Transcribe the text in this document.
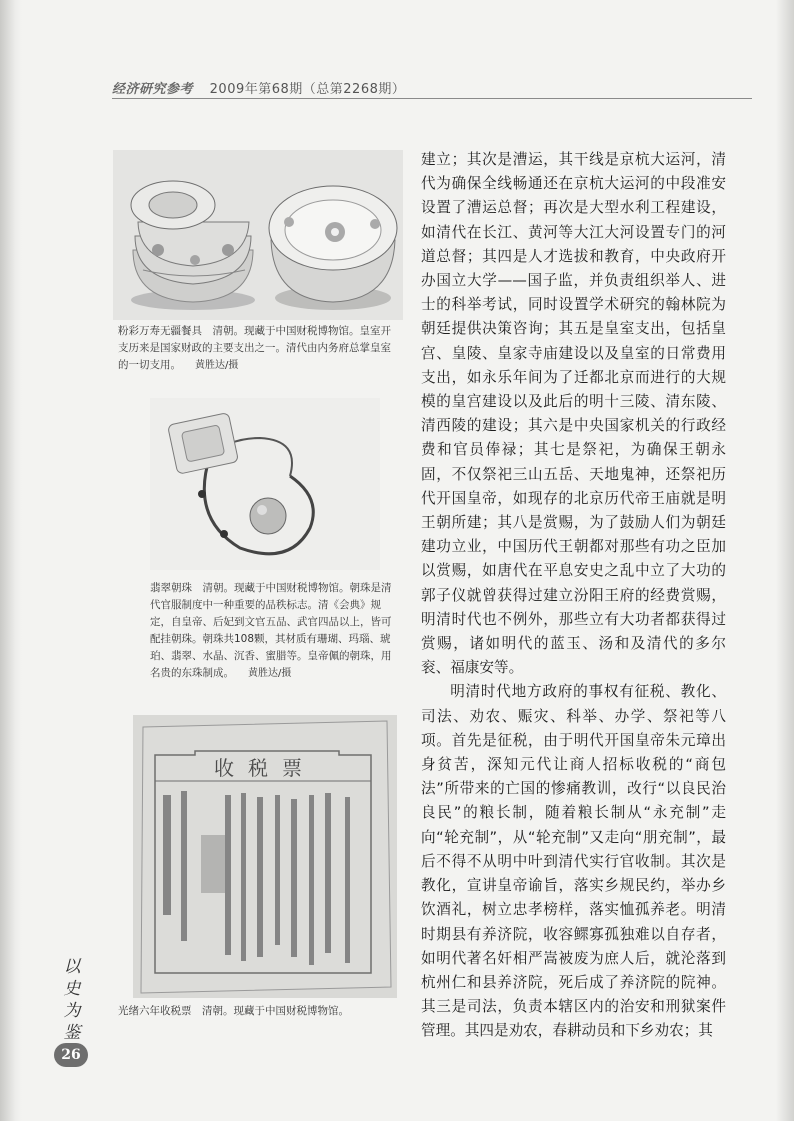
经济研究参考 2009年第68期（总第2268期）
粉彩万寿无疆餐具　清朝。现藏于中国财税博物馆。皇室开支历来是国家财政的主要支出之一。清代由内务府总掌皇室的一切支用。 黄胜达/摄
翡翠朝珠　清朝。现藏于中国财税博物馆。朝珠是清代官服制度中一种重要的品秩标志。清《会典》规定，自皇帝、后妃到文官五品、武官四品以上，皆可配挂朝珠。朝珠共108颗，其材质有珊瑚、玛瑙、琥珀、翡翠、水晶、沉香、蜜腊等。皇帝佩的朝珠，用名贵的东珠制成。 黄胜达/摄
收税票
光绪六年收税票　清朝。现藏于中国财税博物馆。

建立；其次是漕运，其干线是京杭大运河，清代为确保全线畅通还在京杭大运河的中段准安设置了漕运总督；再次是大型水利工程建设，如清代在长江、黄河等大江大河设置专门的河道总督；其四是人才选拔和教育，中央政府开办国立大学——国子监，并负责组织举人、进士的科举考试，同时设置学术研究的翰林院为朝廷提供决策咨询；其五是皇室支出，包括皇宫、皇陵、皇家寺庙建设以及皇室的日常费用支出，如永乐年间为了迁都北京而进行的大规模的皇宫建设以及此后的明十三陵、清东陵、清西陵的建设；其六是中央国家机关的行政经费和官员俸禄；其七是祭祀，为确保王朝永固，不仅祭祀三山五岳、天地鬼神，还祭祀历代开国皇帝，如现存的北京历代帝王庙就是明王朝所建；其八是赏赐，为了鼓励人们为朝廷建功立业，中国历代王朝都对那些有功之臣加以赏赐，如唐代在平息安史之乱中立了大功的郭子仪就曾获得过建立汾阳王府的经费赏赐，明清时代也不例外，那些立有大功者都获得过赏赐，诸如明代的蓝玉、汤和及清代的多尔衮、福康安等。

明清时代地方政府的事权有征税、教化、司法、劝农、赈灾、科举、办学、祭祀等八项。首先是征税，由于明代开国皇帝朱元璋出身贫苦，深知元代让商人招标收税的“商包法”所带来的亡国的惨痛教训，改行“以良民治良民”的粮长制，随着粮长制从“永充制”走向“轮充制”，从“轮充制”又走向“朋充制”，最后不得不从明中叶到清代实行官收制。其次是教化，宣讲皇帝谕旨，落实乡规民约，举办乡饮酒礼，树立忠孝榜样，落实恤孤养老。明清时期县有养济院，收容鳏寡孤独难以自存者，如明代著名奸相严嵩被废为庶人后，就沦落到杭州仁和县养济院，死后成了养济院的院神。其三是司法，负责本辖区内的治安和刑狱案件管理。其四是劝农，春耕动员和下乡劝农；其

以
史
为
鉴
26
